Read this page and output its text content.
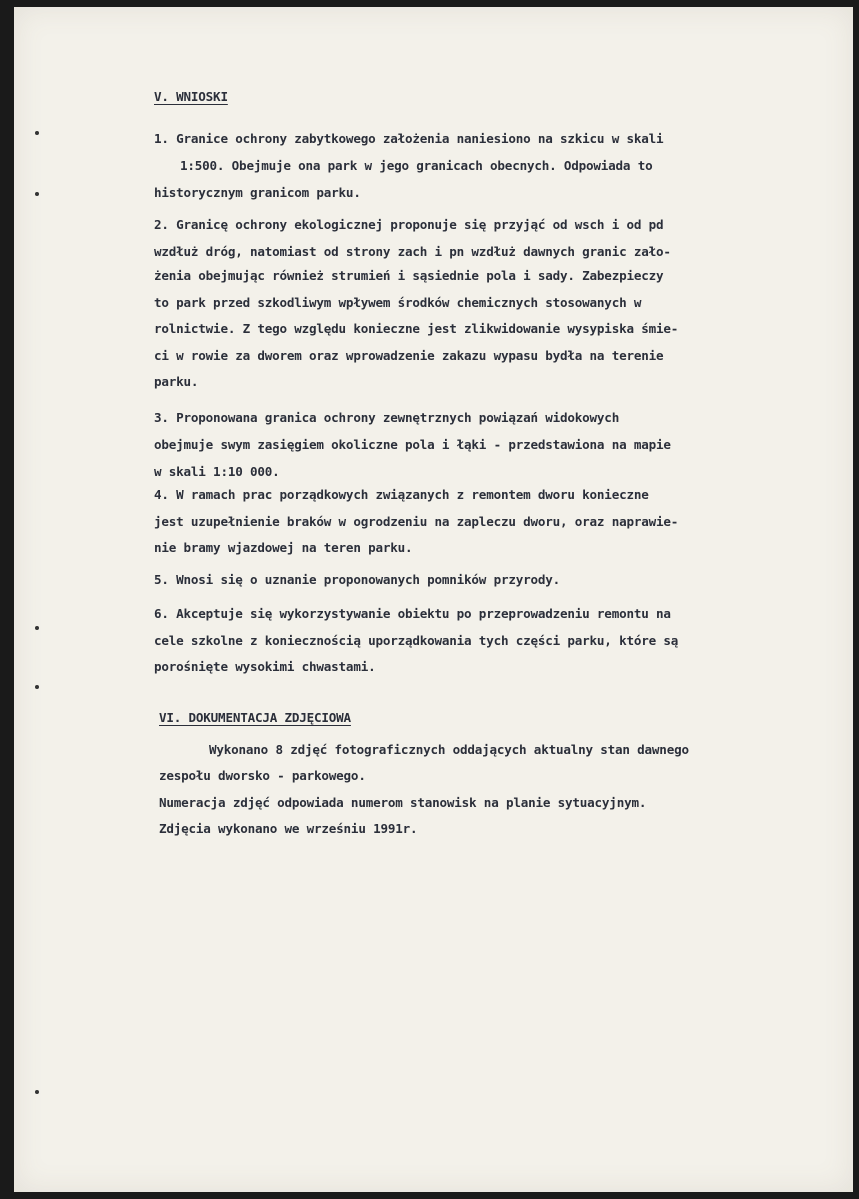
V. WNIOSKI
1. Granice ochrony zabytkowego założenia naniesiono na szkicu w skali
1:500. Obejmuje ona park w jego granicach obecnych. Odpowiada to
historycznym granicom parku.
2. Granicę ochrony ekologicznej proponuje się przyjąć od wsch i od pd
wzdłuż dróg, natomiast od strony zach i pn wzdłuż dawnych granic zało-
żenia obejmując również strumień i sąsiednie pola i sady. Zabezpieczy
to park przed szkodliwym wpływem środków chemicznych stosowanych w
rolnictwie. Z tego względu konieczne jest zlikwidowanie wysypiska śmie-
ci w rowie za dworem oraz wprowadzenie zakazu wypasu bydła na terenie
parku.
3. Proponowana granica ochrony zewnętrznych powiązań widokowych
obejmuje swym zasięgiem okoliczne pola i łąki - przedstawiona na mapie
w skali 1:10 000.
4. W ramach prac porządkowych związanych z remontem dworu konieczne
jest uzupełnienie braków w ogrodzeniu na zapleczu dworu, oraz naprawie-
nie bramy wjazdowej na teren parku.
5. Wnosi się o uznanie proponowanych pomników przyrody.
6. Akceptuje się wykorzystywanie obiektu po przeprowadzeniu remontu na
cele szkolne z koniecznością uporządkowania tych części parku, które są
porośnięte wysokimi chwastami.
VI. DOKUMENTACJA ZDJĘCIOWA
Wykonano 8 zdjęć fotograficznych oddających aktualny stan dawnego
zespołu dworsko - parkowego.
Numeracja zdjęć odpowiada numerom stanowisk na planie sytuacyjnym.
Zdjęcia wykonano we wrześniu 1991r.
